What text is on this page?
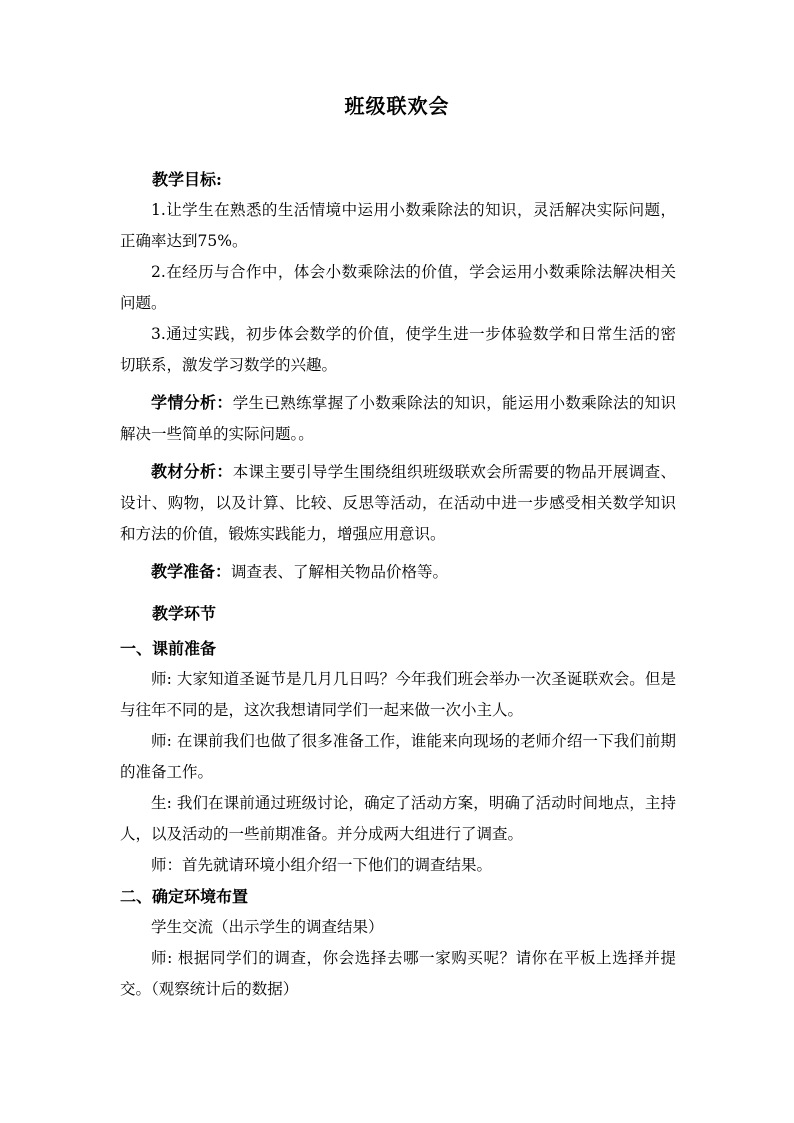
班级联欢会

教学目标:

1.让学生在熟悉的生活情境中运用小数乘除法的知识，灵活解决实际问题，正确率达到75%。

2.在经历与合作中，体会小数乘除法的价值，学会运用小数乘除法解决相关问题。

3.通过实践，初步体会数学的价值，使学生进一步体验数学和日常生活的密切联系，激发学习数学的兴趣。

学情分析：学生已熟练掌握了小数乘除法的知识，能运用小数乘除法的知识解决一些简单的实际问题。。

教材分析：本课主要引导学生围绕组织班级联欢会所需要的物品开展调查、设计、购物，以及计算、比较、反思等活动，在活动中进一步感受相关数学知识和方法的价值，锻炼实践能力，增强应用意识。

教学准备：调查表、了解相关物品价格等。

教学环节

一、课前准备

师: 大家知道圣诞节是几月几日吗？今年我们班会举办一次圣诞联欢会。但是与往年不同的是，这次我想请同学们一起来做一次小主人。

师: 在课前我们也做了很多准备工作，谁能来向现场的老师介绍一下我们前期的准备工作。

生: 我们在课前通过班级讨论，确定了活动方案，明确了活动时间地点，主持人，以及活动的一些前期准备。并分成两大组进行了调查。

师：首先就请环境小组介绍一下他们的调查结果。

二、确定环境布置

学生交流（出示学生的调查结果）

师: 根据同学们的调查，你会选择去哪一家购买呢？请你在平板上选择并提交。（观察统计后的数据）
